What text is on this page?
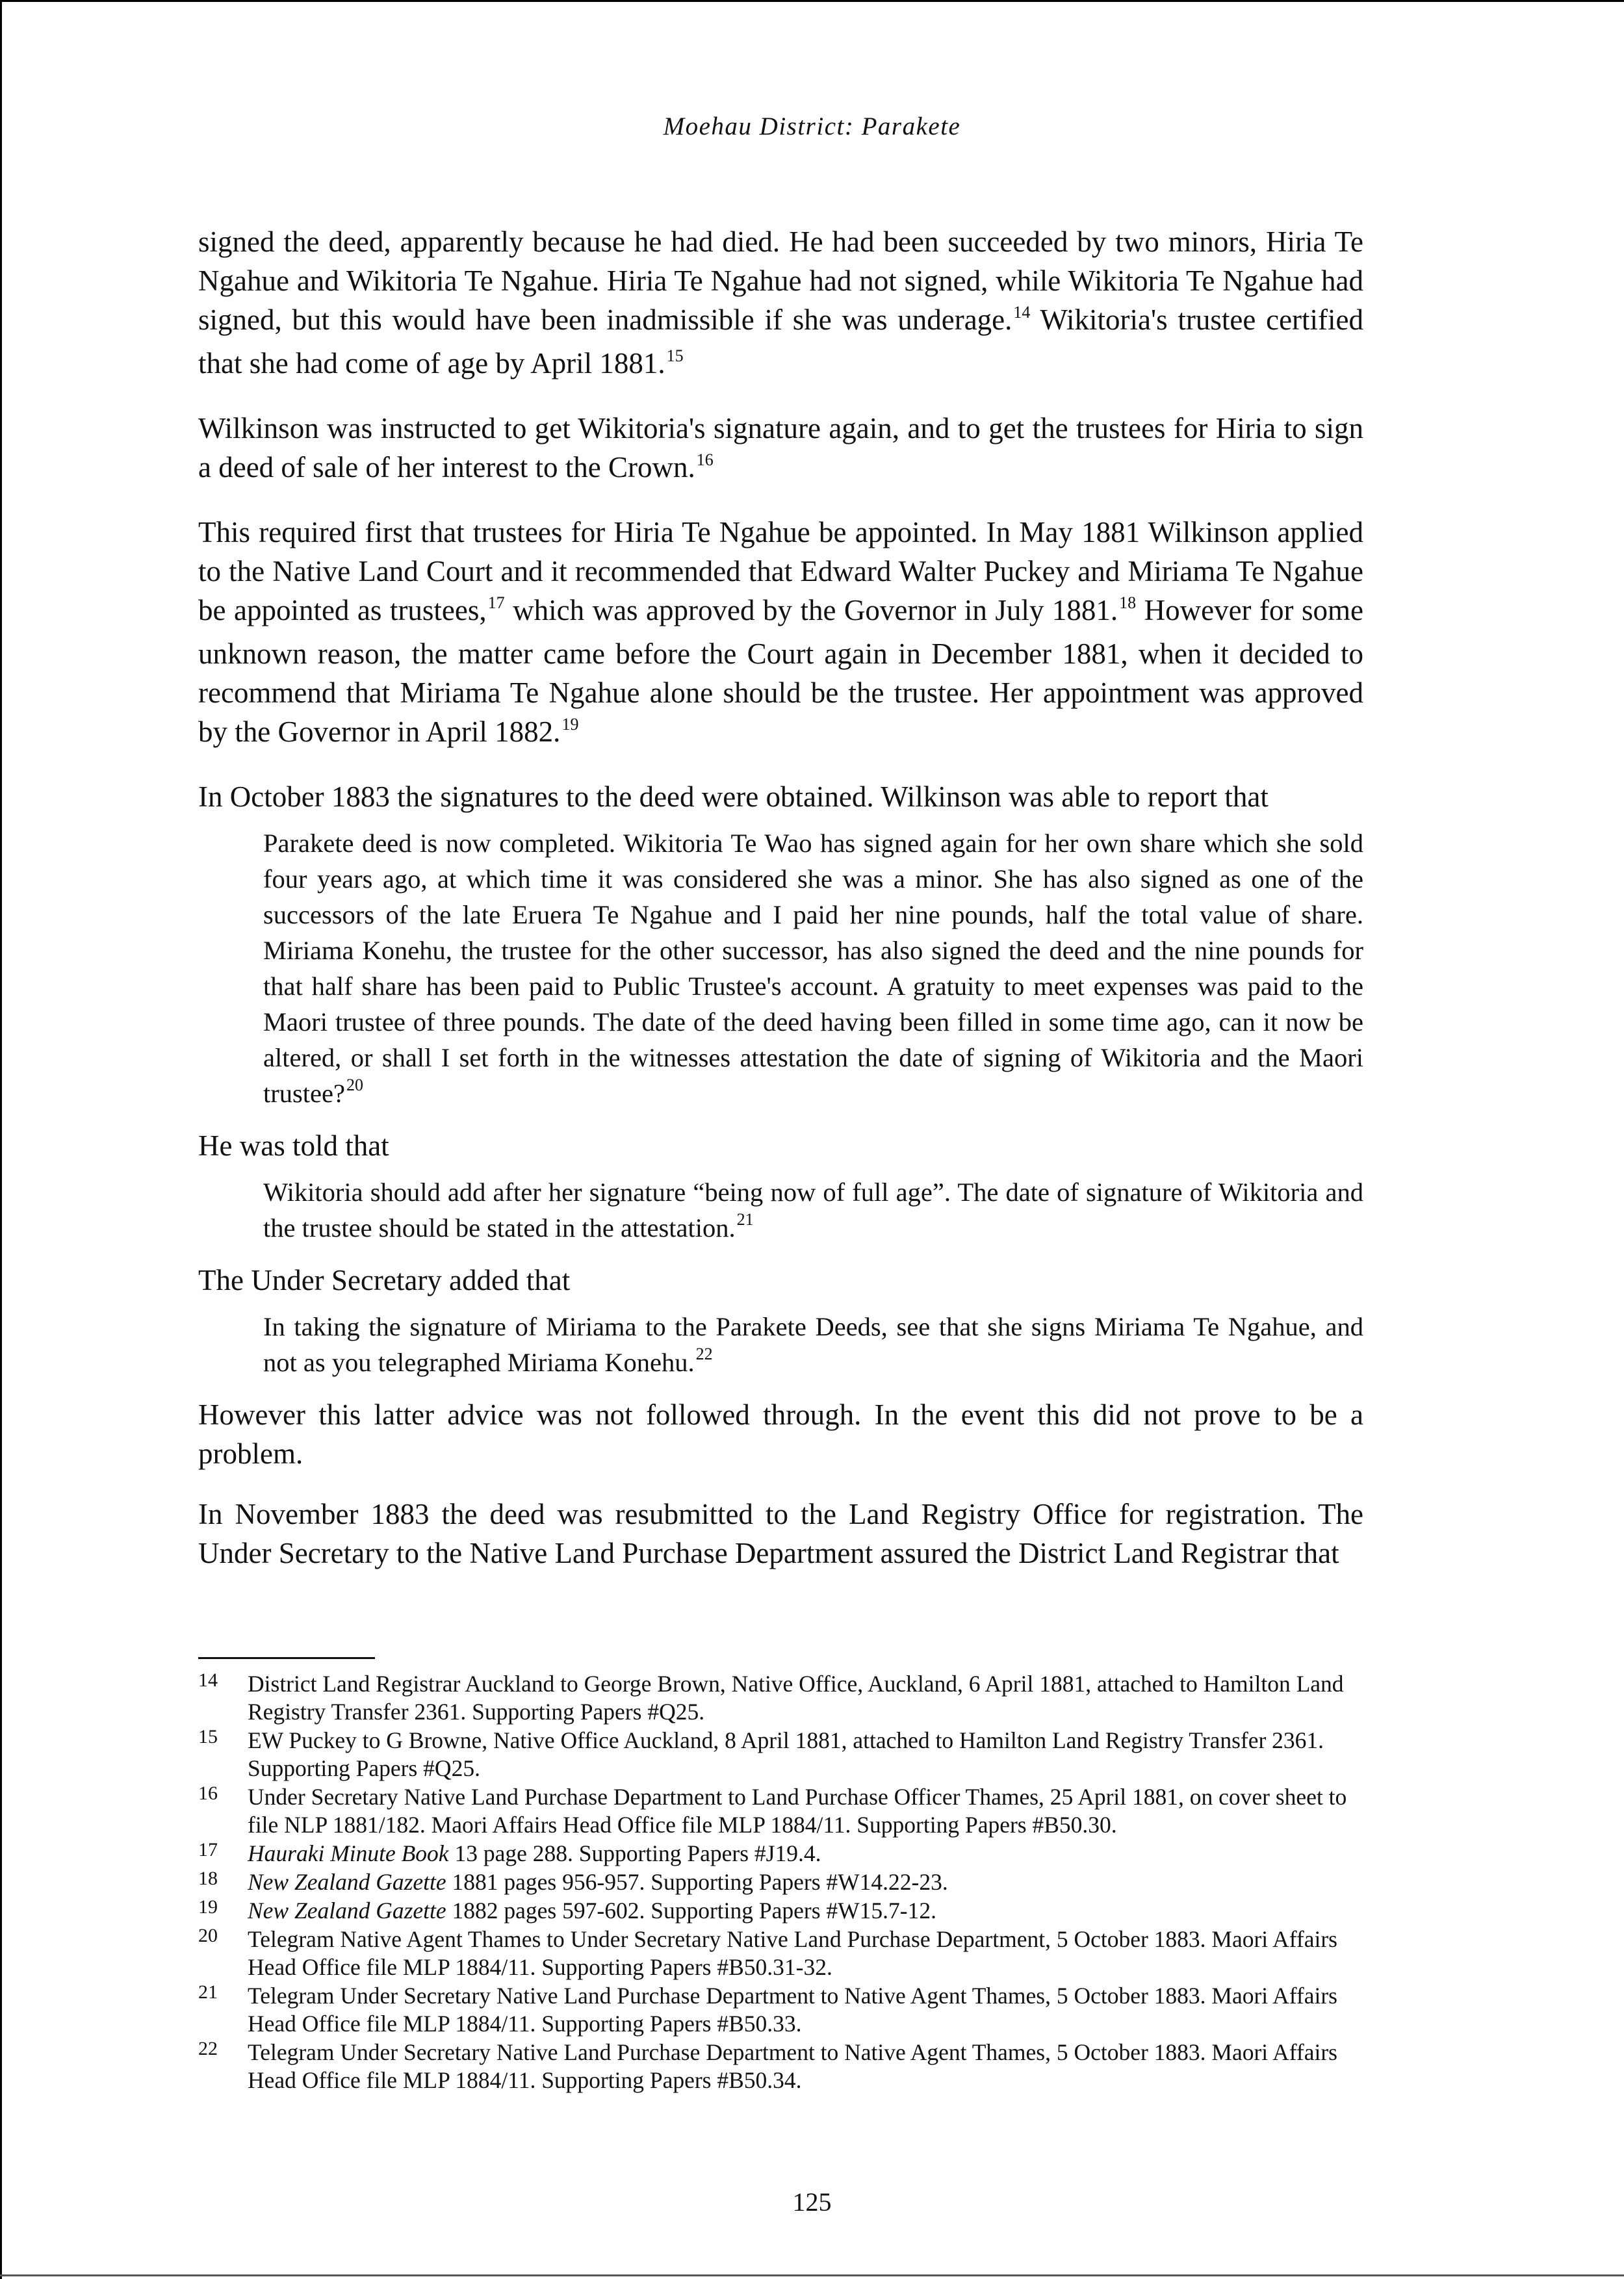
Moehau District: Parakete

signed the deed, apparently because he had died. He had been succeeded by two minors, Hiria Te Ngahue and Wikitoria Te Ngahue. Hiria Te Ngahue had not signed, while Wikitoria Te Ngahue had signed, but this would have been inadmissible if she was underage.$^{14}$ Wikitoria's trustee certified that she had come of age by April 1881.15

Wilkinson was instructed to get Wikitoria's signature again, and to get the trustees for Hiria to sign a deed of sale of her interest to the Crown.$^{16}$

This required first that trustees for Hiria Te Ngahue be appointed. In May 1881 Wilkinson applied to the Native Land Court and it recommended that Edward Walter Puckey and Miriama Te Ngahue be appointed as trustees,$^{17}$ which was approved by the Governor in July 1881.18 However for some unknown reason, the matter came before the Court again in December 1881, when it decided to recommend that Miriama Te Ngahue alone should be the trustee. Her appointment was approved by the Governor in April 1882.19

In October 1883 the signatures to the deed were obtained. Wilkinson was able to report that

Parakete deed is now completed. Wikitoria Te Wao has signed again for her own share which she sold four years ago, at which time it was considered she was a minor. She has also signed as one of the successors of the late Eruera Te Ngahue and I paid her nine pounds, half the total value of share. Miriama Konehu, the trustee for the other successor, has also signed the deed and the nine pounds for that half share has been paid to Public Trustee's account. A gratuity to meet expenses was paid to the Maori trustee of three pounds. The date of the deed having been filled in some time ago, can it now be altered, or shall I set forth in the witnesses attestation the date of signing of Wikitoria and the Maori trustee?$^{20}$

He was told that

Wikitoria should add after her signature “being now of full age”. The date of signature of Wikitoria and the trustee should be stated in the attestation.$^{21}$

The Under Secretary added that

In taking the signature of Miriama to the Parakete Deeds, see that she signs Miriama Te Ngahue, and not as you telegraphed Miriama Konehu.$^{22}$

However this latter advice was not followed through. In the event this did not prove to be a problem.

In November 1883 the deed was resubmitted to the Land Registry Office for registration. The Under Secretary to the Native Land Purchase Department assured the District Land Registrar that

14 District Land Registrar Auckland to George Brown, Native Office, Auckland, 6 April 1881, attached to Hamilton Land Registry Transfer 2361. Supporting Papers #Q25.
15 EW Puckey to G Browne, Native Office Auckland, 8 April 1881, attached to Hamilton Land Registry Transfer 2361. Supporting Papers #Q25.
16 Under Secretary Native Land Purchase Department to Land Purchase Officer Thames, 25 April 1881, on cover sheet to file NLP 1881/182. Maori Affairs Head Office file MLP 1884/11. Supporting Papers #B50.30.
17 Hauraki Minute Book 13 page 288. Supporting Papers #J19.4.
18 New Zealand Gazette 1881 pages 956-957. Supporting Papers #W14.22-23.
19 New Zealand Gazette 1882 pages 597-602. Supporting Papers #W15.7-12.
20 Telegram Native Agent Thames to Under Secretary Native Land Purchase Department, 5 October 1883. Maori Affairs Head Office file MLP 1884/11. Supporting Papers #B50.31-32.
21 Telegram Under Secretary Native Land Purchase Department to Native Agent Thames, 5 October 1883. Maori Affairs Head Office file MLP 1884/11. Supporting Papers #B50.33.
22 Telegram Under Secretary Native Land Purchase Department to Native Agent Thames, 5 October 1883. Maori Affairs Head Office file MLP 1884/11. Supporting Papers #B50.34.
125
